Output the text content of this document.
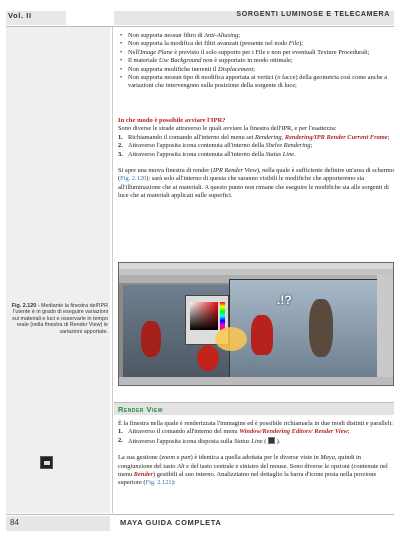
Vol. II	SORGENTI LUMINOSE E TELECAMERA
• Non supporta nessun filtro di Anti-Aliasing;
• Non supporta la modifica dei filtri avanzati (presente nel nodo File);
• Nell'Image Plane è previsto il solo supporto per i File e non per eventuali Texture Procedurali;
• Il materiale Use Background non è supportato in modo ottimale;
• Non supporta modifiche inerenti il Displacement;
• Non supporta nessun tipo di modifica apportata ai vertici (o facce) della geometria così come anche a variazioni che intervengono sulla posizione della sorgente di luce;
In che modo è possibile avviare l'IPR?
Sono diverse le strade attraverso le quali avviare la finestra dell'IPR, e per l'esattezza:
1. Richiamando il comando all'interno del menu set Rendering, Rendering/IPR Render Current Frame;
2. Attraverso l'apposita icona contenuta all'interno della Shelve Rendering;
3. Attraverso l'apposita icona contenuta all'interno della Status Line.
Si apre una nuova finestra di render (IPR Render View), nella quale è sufficiente definire un'area di schermo (Fig. 2.120): sarà solo all'interno di questa che saranno visibili le modifiche che apporteremo sia all'illuminazione che ai materiali. A questo punto non rimane che eseguire le modifiche sia alle sorgenti di luce che ai materiali applicati sulle superfici.
.!?
Fig. 2.120 - Mediante la finestra dell'IPR l'utente è in grado di eseguire variazioni sui materiali e luci e osservarle in tempo reale (nella finestra di Render View) le variazioni apportate.
Render View
È la finestra nella quale è renderizzata l'immagine ed è possibile richiamarla in due modi distinti e paralleli:
1. Attraverso il comando all'interno del menu Window/Rendering Editors/ Render View;
2. Attraverso l'apposita icona disposta sulla Status Line (  ).
La sua gestione (zoom e pan) è identica a quella adottata per le diverse viste in Maya, quindi in congiunzione del tasto Alt e del tasto centrale e sinistro del mouse. Sono diverse le opzioni (contenute nel menu Render) gestibili al suo interno. Analizziamo nel dettaglio la barra d'icone posta nella porzione superiore (Fig. 2.121):
84	MAYA GUIDA COMPLETA
